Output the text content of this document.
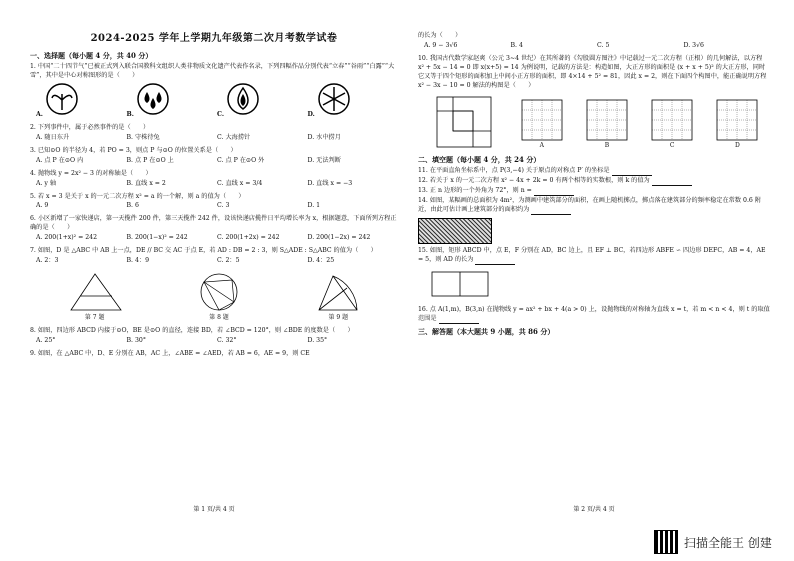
2024-2025 学年上学期九年级第二次月考数学试卷
一、选择题（每小题 4 分，共 40 分）
1. 中国“二十四节气”已被正式列入联合国教科文组织人类非物质文化遗产代表作名录，下列四幅作品分别代表“立春”“谷雨”“白露”“大雪”，其中是中心对称图形的是（　　）
A.	B.	C.	D.
2. 下列事件中，属于必然事件的是（　　）
A. 随日东升	B. 守株待兔	C. 大海捞针	D. 水中捞月
3. 已知⊙O 的半径为 4，若 PO = 3，则点 P 与⊙O 的位置关系是（　　）
A. 点 P 在⊙O 内	B. 点 P 在⊙O 上	C. 点 P 在⊙O 外	D. 无法判断
4. 抛物线 y = 2x² − 3 的对称轴是（　　）
A. y 轴	B. 直线 x = 2	C. 直线 x = 3/4	D. 直线 x = −3
5. 若 x = 3 是关于 x 的一元二次方程 x² = a 的一个解，则 a 的值为（　　）
A. 9	B. 6	C. 3	D. 1
6. 小区新增了一家快递店，第一天揽件 200 件，第三天揽件 242 件，设该快递店揽件日平均增长率为 x，根据题意，下面所列方程正确的是（　　）
A. 200(1+x)² = 242	B. 200(1−x)² = 242	C. 200(1+2x) = 242	D. 200(1−2x) = 242
7. 如图，D 是 △ABC 中 AB 上一点，DE // BC 交 AC 于点 E，若 AD : DB = 2 : 3，则 S△ADE : S△ABC 的值为（　　）
A. 2：3	B. 4：9	C. 2：5	D. 4：25
第 7 题	第 8 题	第 9 题
8. 如图，四边形 ABCD 内接于⊙O，BE 是⊙O 的直径，连接 BD，若 ∠BCD = 120°，则 ∠BDE 的度数是（　　）
A. 25°	B. 30°	C. 32°	D. 35°
9. 如图，在 △ABC 中，D、E 分别在 AB，AC 上，∠ABE = ∠AED，若 AB = 6，AE = 9，则 CE
第 1 页/共 4 页
的长为（　　）
A. 9 − 3√6	B. 4	C. 5	D. 3√6
10. 我国古代数学家赵爽（公元 3~4 世纪）在其所著的《勾股圆方图注》中记载过一元二次方程（正根）的几何解法，以方程 x² + 5x − 14 = 0 即 x(x+5) = 14 为例说明，记载的方法是：构造如图，大正方形的面积是 (x + x + 5)² 的大正方形，同时它又等于四个矩形的面积加上中间小正方形的面积，即 4×14 + 5² = 81，因此 x = 2，则在下面四个构图中，能正确说明方程 x² − 3x − 10 = 0 解法的构图是（　　）
A	B	C	D
二、填空题（每小题 4 分，共 24 分）
11. 在平面直角坐标系中，点 P(3,−4) 关于原点的对称点 P′ 的坐标是
12. 若关于 x 的一元二次方程 x² − 4x + 2k = 0 有两个相等的实数根，则 k 的值为
13. 正 n 边形的一个外角为 72°，则 n =
14. 如图，某幅画的总面积为 4m²，为测画中建筑部分的面积，在画上随机掷点，掷点落在建筑部分的频率稳定在常数 0.6 附近，由此可估计画上建筑部分的面积约为
15. 如图，矩形 ABCD 中，点 E，F 分别在 AD，BC 边上，且 EF ⊥ BC，若四边形 ABFE ∽ 四边形 DEFC，AB = 4，AE = 5，则 AD 的长为
16. 点 A(1,m)，B(3,n) 在抛物线 y = ax² + bx + 4(a > 0) 上，设抛物线的对称轴为直线 x = t，若 m < n < 4，则 t 的取值范围是
三、解答题（本大题共 9 小题，共 86 分）
第 2 页/共 4 页
扫描全能王 创建
